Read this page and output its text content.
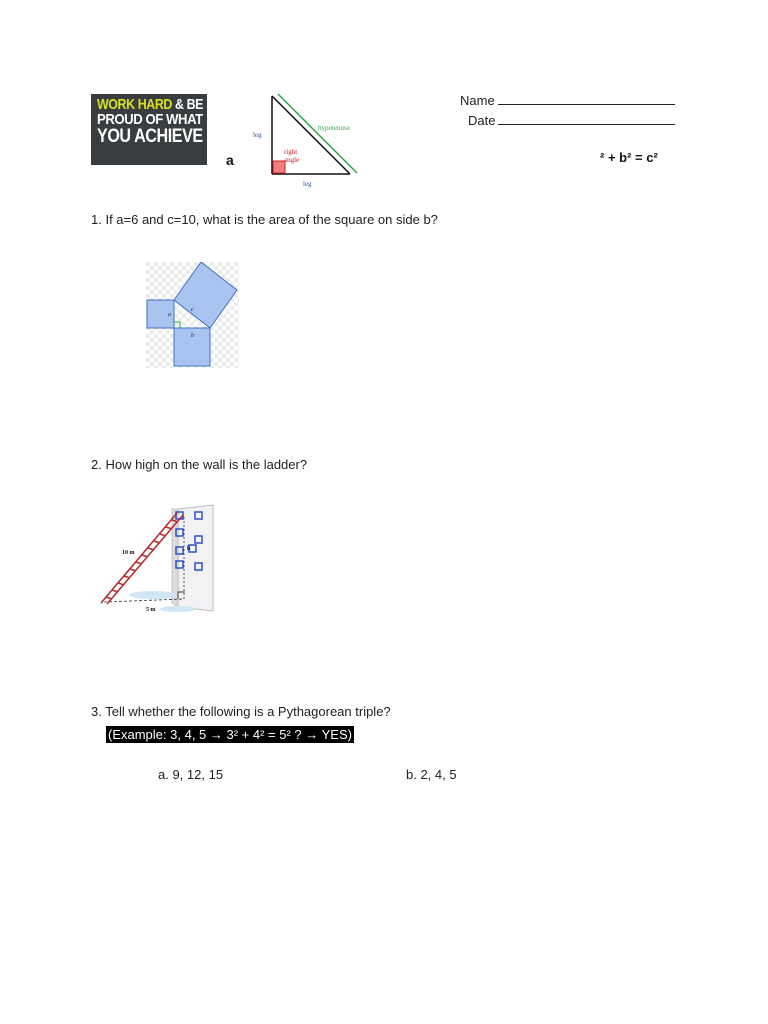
WORK HARD & BE
PROUD OF WHAT
YOU ACHIEVE
a
leg
leg
hypotenuse
right
angle
Name
Date
² + b² = c²
1. If a=6 and c=10, what is the area of the square on side b?
a
b
c
2. How high on the wall is the ladder?
10 m
5 m
h
3. Tell whether the following is a Pythagorean triple?
(Example: 3, 4, 5 → 3² + 4² = 5² ? → YES)
a. 9, 12, 15	b. 2, 4, 5
